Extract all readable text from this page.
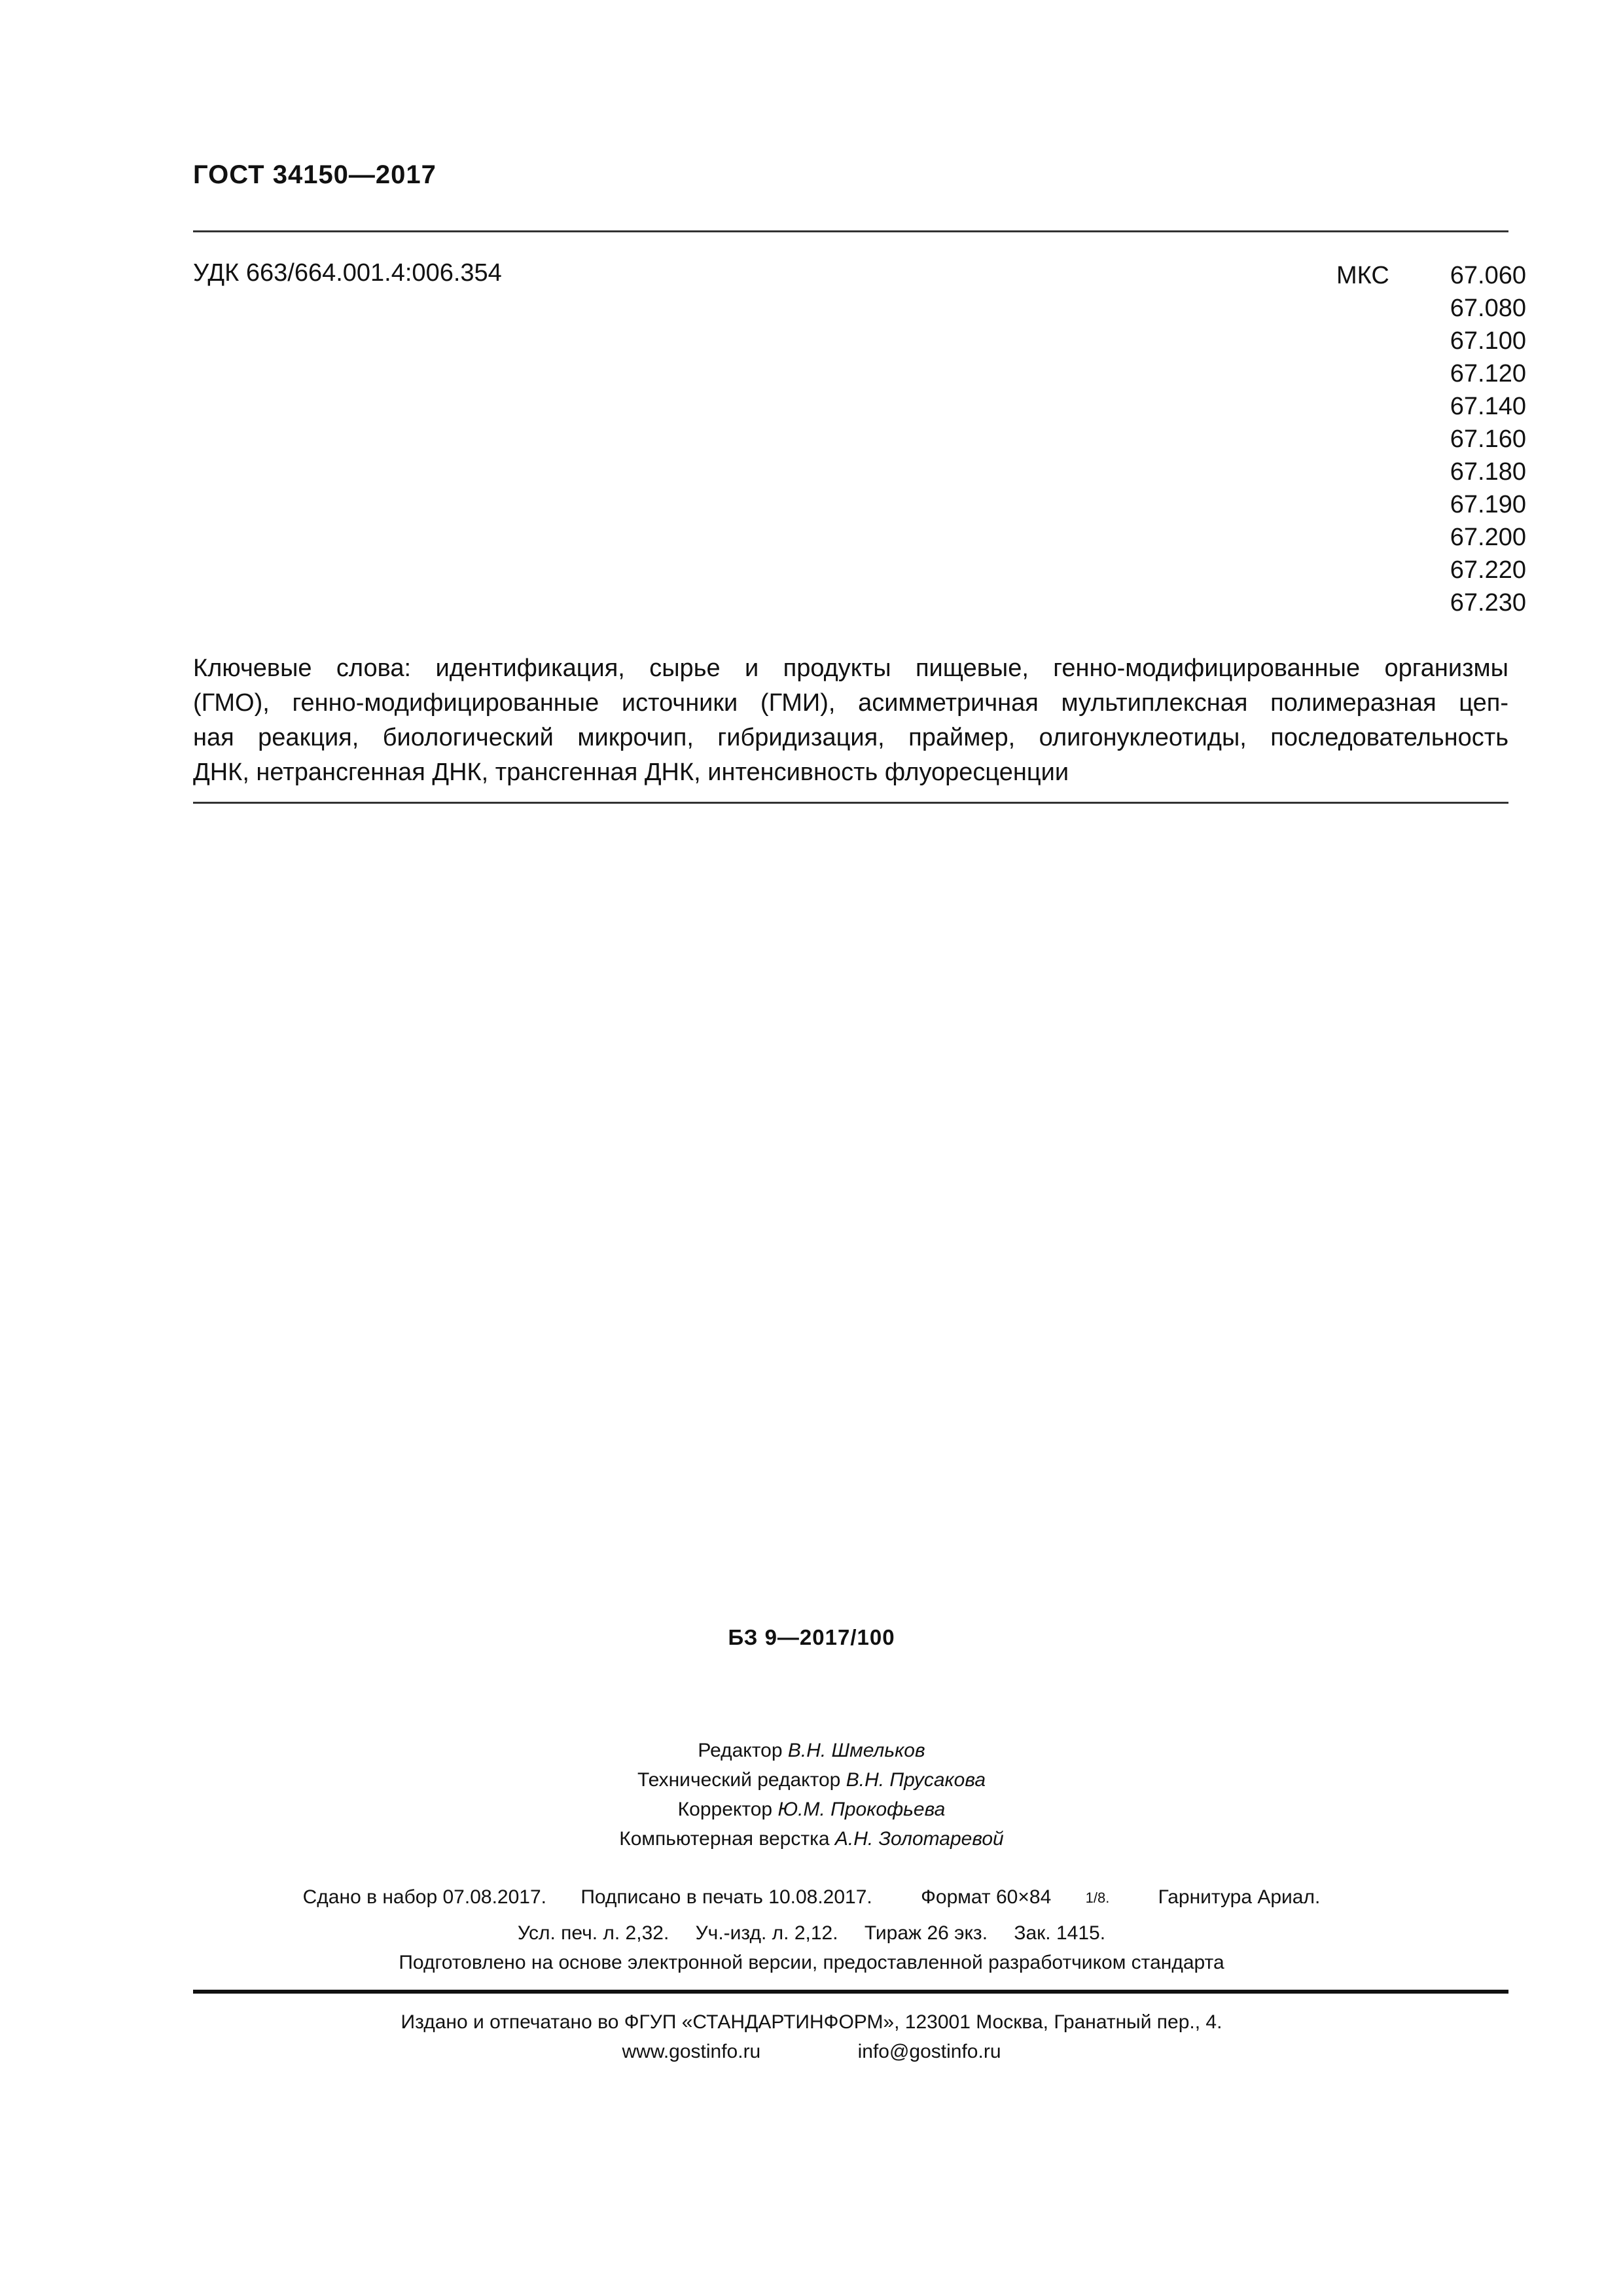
ГОСТ 34150—2017
УДК 663/664.001.4:006.354	МКС	67.060
67.080
67.100
67.120
67.140
67.160
67.180
67.190
67.200
67.220
67.230
Ключевые слова: идентификация, сырье и продукты пищевые, генно-модифицированные организмы
(ГМО), генно-модифицированные источники (ГМИ), асимметричная мультиплексная полимеразная цеп-
ная реакция, биологический микрочип, гибридизация, праймер, олигонуклеотиды, последовательность
ДНК, нетрансгенная ДНК, трансгенная ДНК, интенсивность флуоресценции
БЗ 9—2017/100
Редактор В.Н. Шмельков
Технический редактор В.Н. Прусакова
Корректор Ю.М. Прокофьева
Компьютерная верстка А.Н. Золотаревой
Сдано в набор 07.08.2017. Подписано в печать 10.08.2017. Формат 60×84 1/8. Гарнитура Ариал.
Усл. печ. л. 2,32. Уч.-изд. л. 2,12. Тираж 26 экз. Зак. 1415.
Подготовлено на основе электронной версии, предоставленной разработчиком стандарта
Издано и отпечатано во ФГУП «СТАНДАРТИНФОРМ», 123001 Москва, Гранатный пер., 4.
www.gostinfo.ru	info@gostinfo.ru
